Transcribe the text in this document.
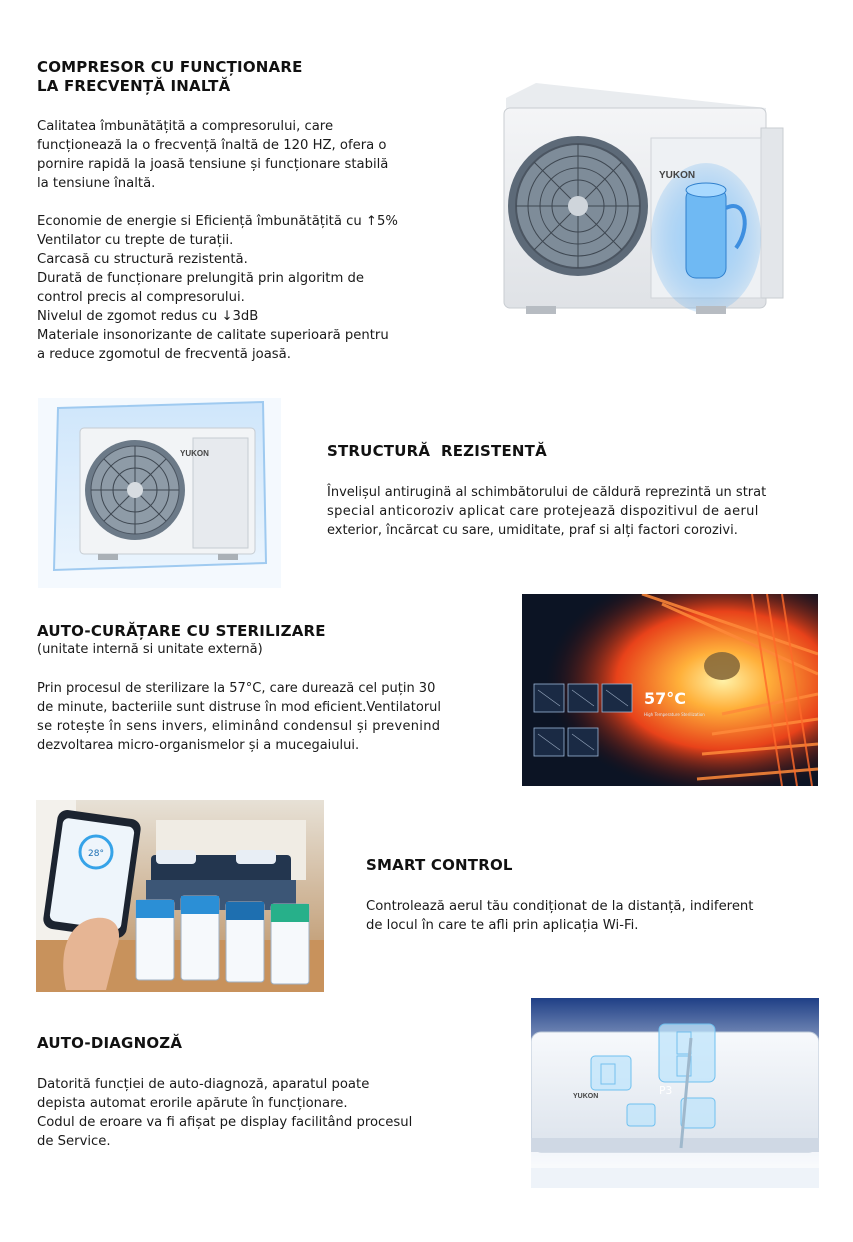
COMPRESOR CU FUNCȚIONARE
LA FRECVENȚĂ INALTĂ
Calitatea îmbunătățită a compresorului, care
funcționează la o frecvență înaltă de 120 HZ, ofera o
pornire rapidă la joasă tensiune și funcționare stabilă
la tensiune înaltă.
Economie de energie si Eficiență îmbunătățită cu ↑5%
Ventilator cu trepte de turații.
Carcasă cu structură rezistentă.
Durată de funcționare prelungită prin algoritm de
control precis al compresorului.
Nivelul de zgomot redus cu ↓3dB
Materiale insonorizante de calitate superioară pentru
a reduce zgomotul de frecventă joasă.
YUKON
YUKON	STRUCTURĂ  REZISTENTĂ
Învelișul antiruginä al schimbătorului de căldură reprezintă un strat
special anticoroziv aplicat care protejează dispozitivul de aerul
exterior, încărcat cu sare, umiditate, praf si alți factori corozivi.
AUTO-CURĂȚARE CU STERILIZARE
(unitate internă si unitate externă)
Prin procesul de sterilizare la 57°C, care durează cel puțin 30
de minute, bacteriile sunt distruse în mod eficient.Ventilatorul
se rotește în sens invers, eliminând condensul și prevenind
dezvoltarea micro-organismelor și a mucegaiului.
57°C
High Temperature Sterilization
28°
SMART CONTROL
Controlează aerul tău condiționat de la distanță, indiferent
de locul în care te afli prin aplicația Wi-Fi.
AUTO-DIAGNOZĂ
Datorită funcției de auto-diagnoză, aparatul poate
depista automat erorile apărute în funcționare.
Codul de eroare va fi afișat pe display facilitând procesul
de Service.
YUKON	P3
